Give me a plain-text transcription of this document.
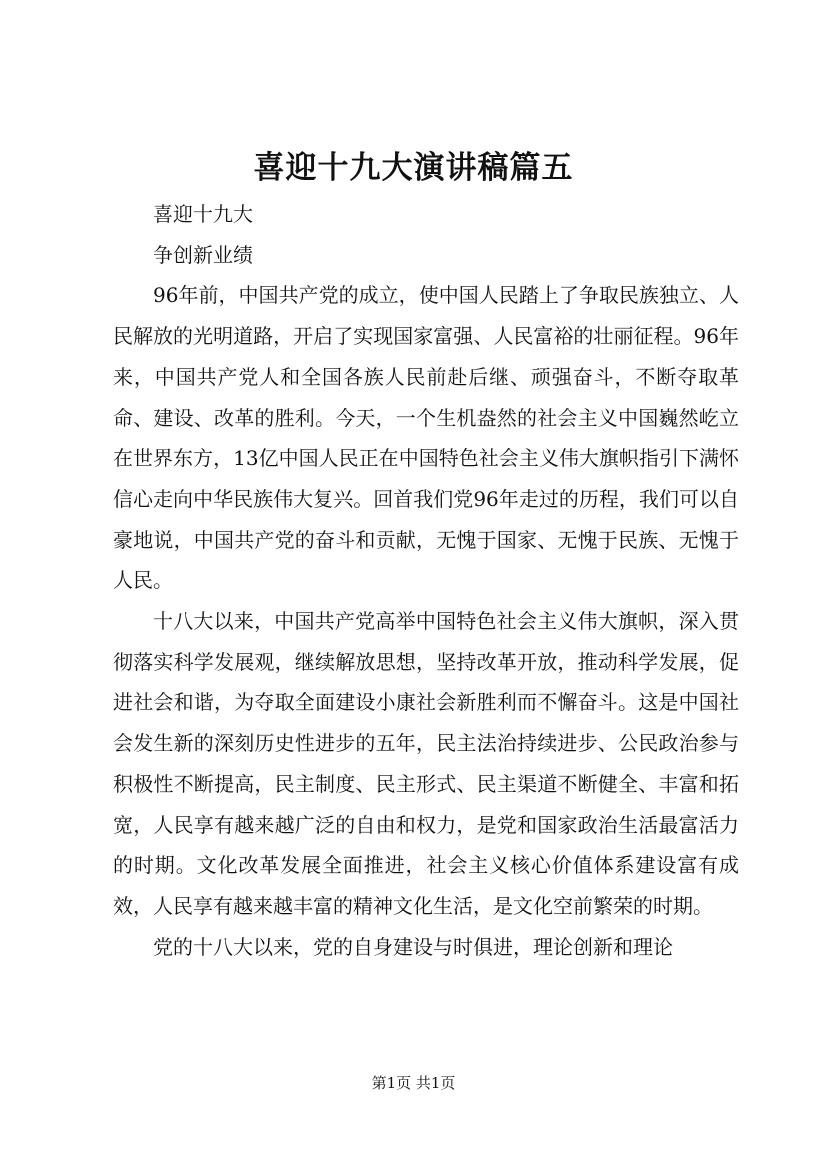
喜迎十九大演讲稿篇五

喜迎十九大

争创新业绩

96年前，中国共产党的成立，使中国人民踏上了争取民族独立、人民解放的光明道路，开启了实现国家富强、人民富裕的壮丽征程。96年来，中国共产党人和全国各族人民前赴后继、顽强奋斗，不断夺取革命、建设、改革的胜利。今天，一个生机盎然的社会主义中国巍然屹立在世界东方，13亿中国人民正在中国特色社会主义伟大旗帜指引下满怀信心走向中华民族伟大复兴。回首我们党96年走过的历程，我们可以自豪地说，中国共产党的奋斗和贡献，无愧于国家、无愧于民族、无愧于人民。

十八大以来，中国共产党高举中国特色社会主义伟大旗帜，深入贯彻落实科学发展观，继续解放思想，坚持改革开放，推动科学发展，促进社会和谐，为夺取全面建设小康社会新胜利而不懈奋斗。这是中国社会发生新的深刻历史性进步的五年，民主法治持续进步、公民政治参与积极性不断提高，民主制度、民主形式、民主渠道不断健全、丰富和拓宽，人民享有越来越广泛的自由和权力，是党和国家政治生活最富活力的时期。文化改革发展全面推进，社会主义核心价值体系建设富有成效，人民享有越来越丰富的精神文化生活，是文化空前繁荣的时期。

党的十八大以来，党的自身建设与时俱进，理论创新和理论

第1页 共1页
